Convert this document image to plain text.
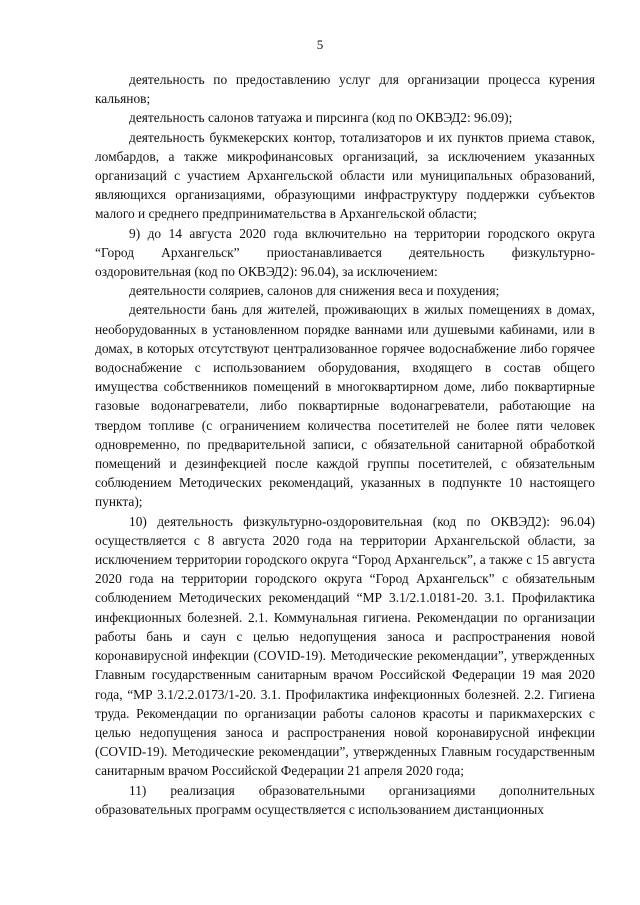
5

деятельность по предоставлению услуг для организации процесса курения кальянов;

деятельность салонов татуажа и пирсинга (код по ОКВЭД2: 96.09);

деятельность букмекерских контор, тотализаторов и их пунктов приема ставок, ломбардов, а также микрофинансовых организаций, за исключением указанных организаций с участием Архангельской области или муниципальных образований, являющихся организациями, образующими инфраструктуру поддержки субъектов малого и среднего предпринимательства в Архангельской области;

9) до 14 августа 2020 года включительно на территории городского округа “Город Архангельск” приостанавливается деятельность физкультурно-оздоровительная (код по ОКВЭД2): 96.04), за исключением:

деятельности соляриев, салонов для снижения веса и похудения;

деятельности бань для жителей, проживающих в жилых помещениях в домах, необорудованных в установленном порядке ваннами или душевыми кабинами, или в домах, в которых отсутствуют централизованное горячее водоснабжение либо горячее водоснабжение с использованием оборудования, входящего в состав общего имущества собственников помещений в многоквартирном доме, либо поквартирные газовые водонагреватели, либо поквартирные водонагреватели, работающие на твердом топливе (с ограничением количества посетителей не более пяти человек одновременно, по предварительной записи, с обязательной санитарной обработкой помещений и дезинфекцией после каждой группы посетителей, с обязательным соблюдением Методических рекомендаций, указанных в подпункте 10 настоящего пункта);

10) деятельность физкультурно-оздоровительная (код по ОКВЭД2): 96.04) осуществляется с 8 августа 2020 года на территории Архангельской области, за исключением территории городского округа “Город Архангельск”, а также с 15 августа 2020 года на территории городского округа “Город Архангельск” с обязательным соблюдением Методических рекомендаций “МР 3.1/2.1.0181-20. 3.1. Профилактика инфекционных болезней. 2.1. Коммунальная гигиена. Рекомендации по организации работы бань и саун с целью недопущения заноса и распространения новой коронавирусной инфекции (COVID-19). Методические рекомендации”, утвержденных Главным государственным санитарным врачом Российской Федерации 19 мая 2020 года, “МР 3.1/2.2.0173/1-20. 3.1. Профилактика инфекционных болезней. 2.2. Гигиена труда. Рекомендации по организации работы салонов красоты и парикмахерских с целью недопущения заноса и распространения новой коронавирусной инфекции (COVID-19). Методические рекомендации”, утвержденных Главным государственным санитарным врачом Российской Федерации 21 апреля 2020 года;

11) реализация образовательными организациями дополнительных образовательных программ осуществляется с использованием дистанционных
